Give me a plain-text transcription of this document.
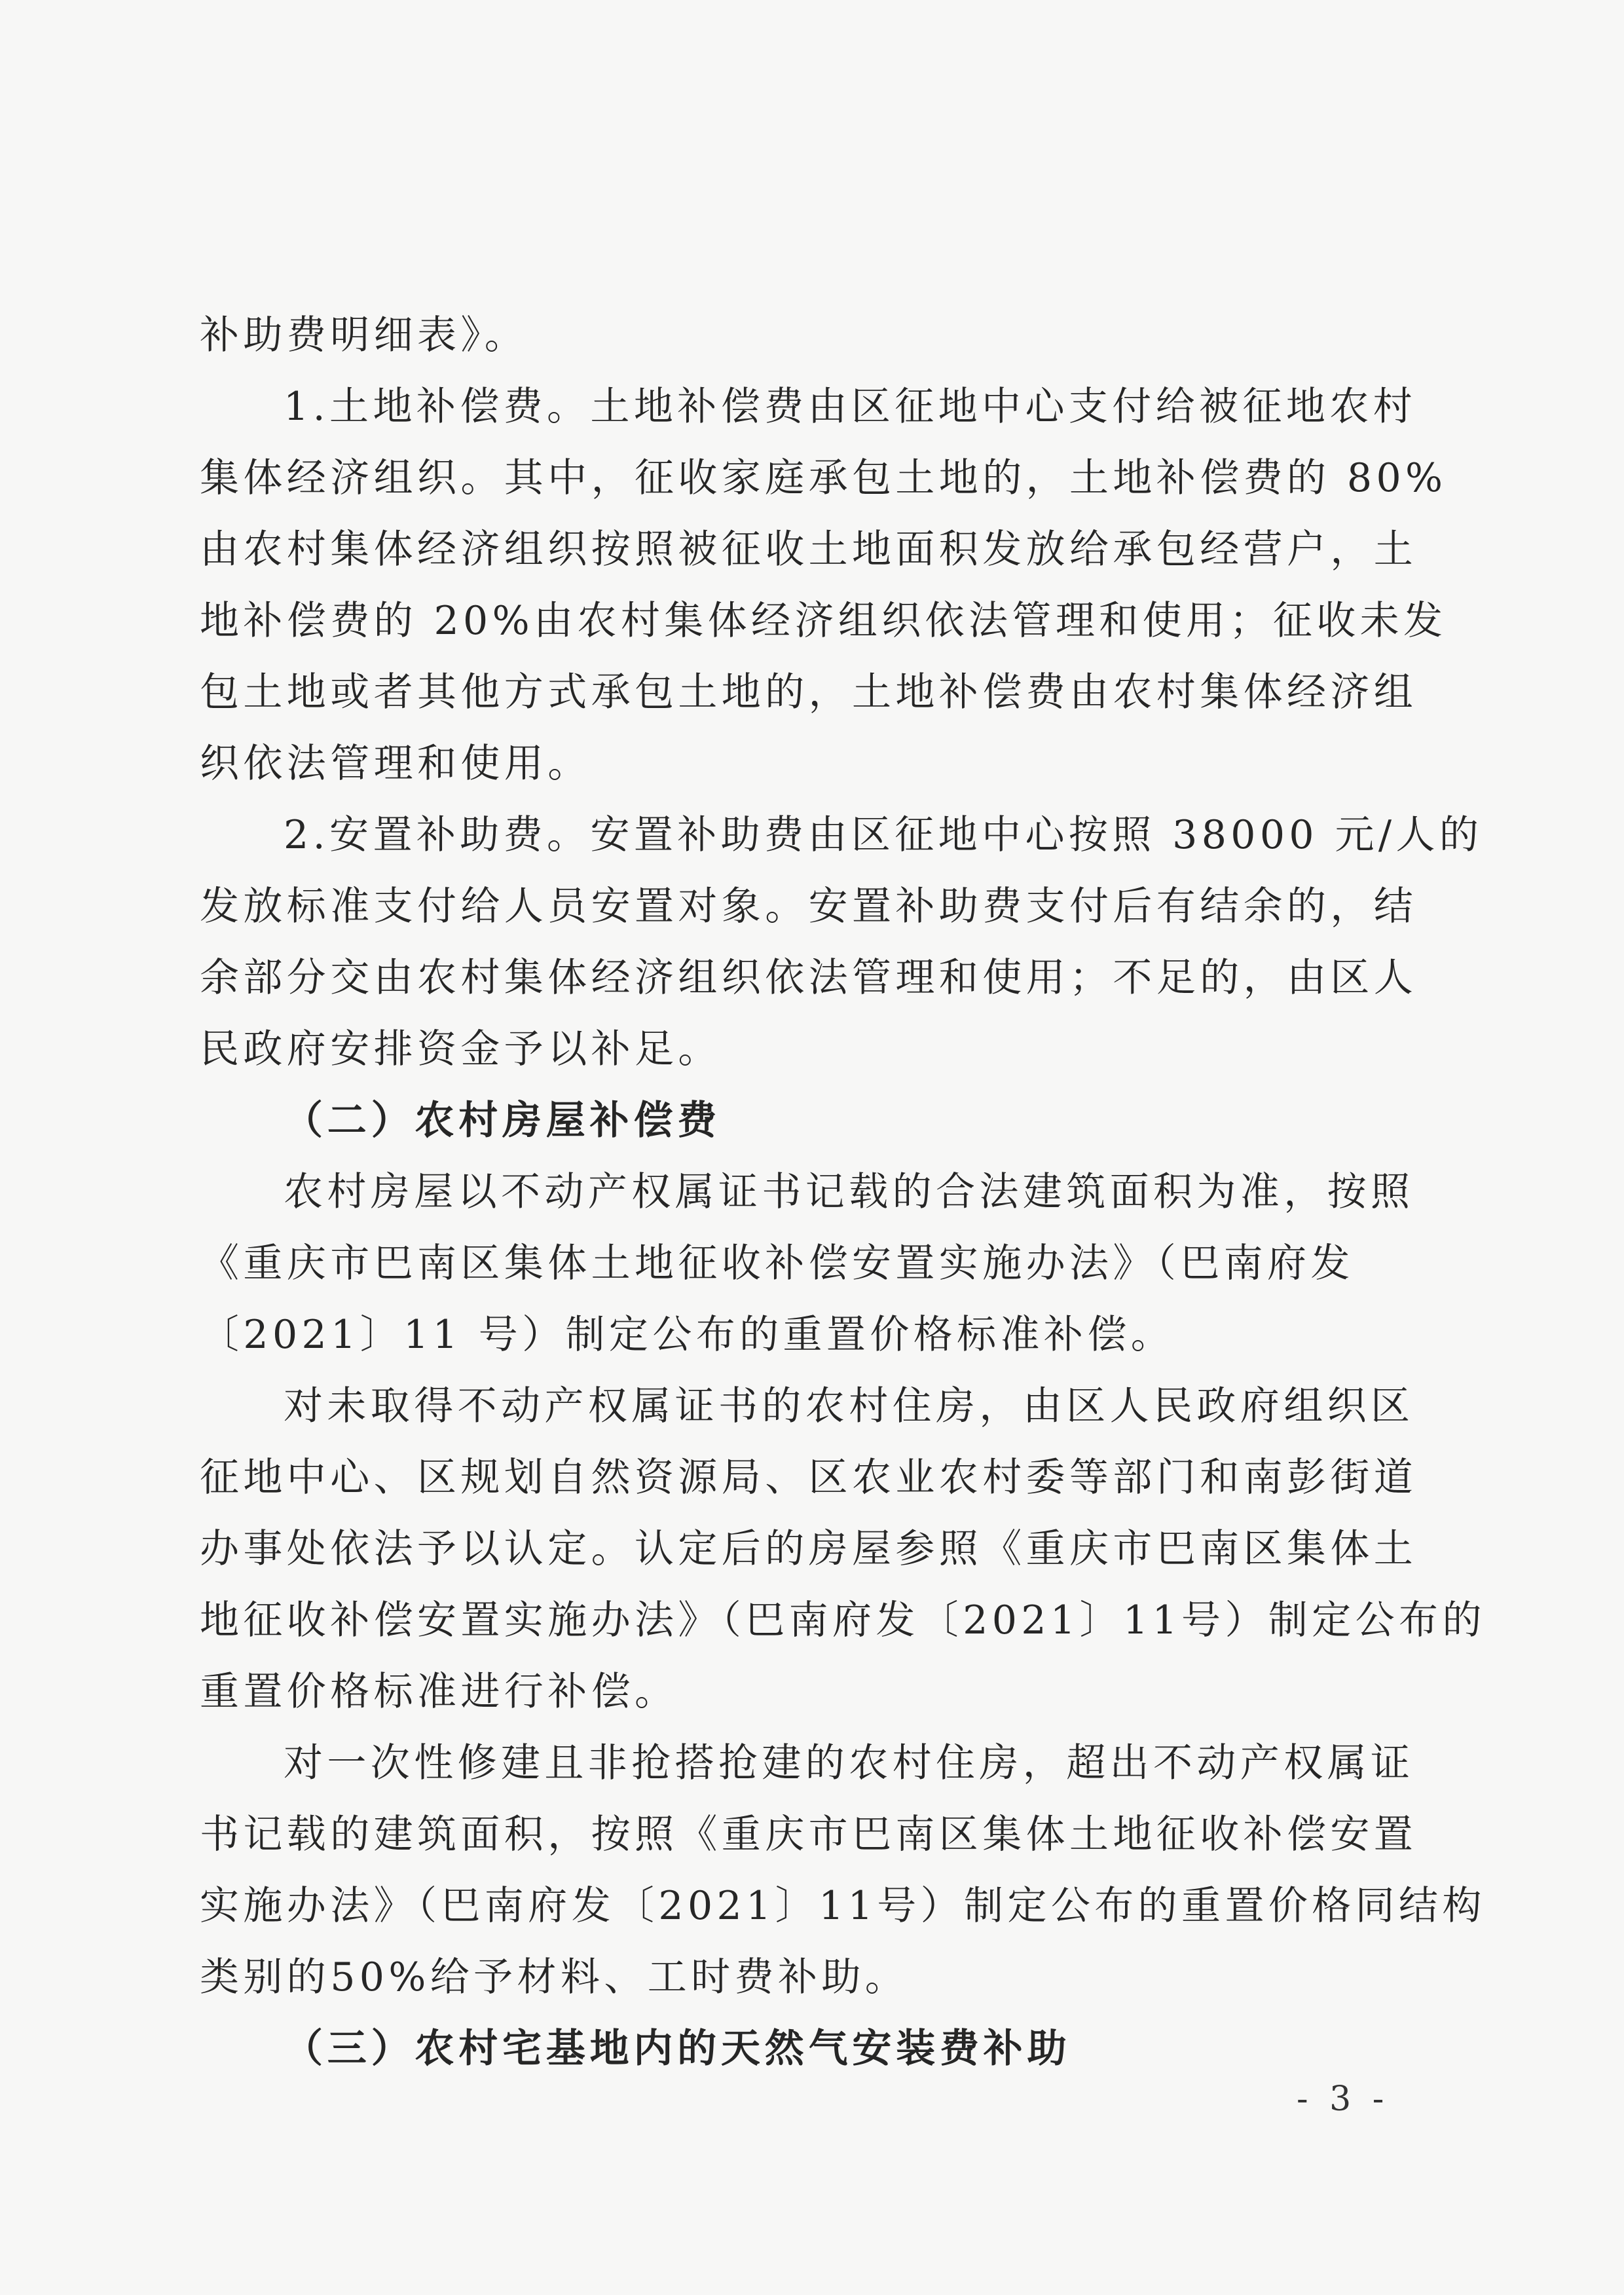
补助费明细表》。
1.土地补偿费。土地补偿费由区征地中心支付给被征地农村
集体经济组织。其中，征收家庭承包土地的，土地补偿费的 80%
由农村集体经济组织按照被征收土地面积发放给承包经营户，土
地补偿费的 20%由农村集体经济组织依法管理和使用；征收未发
包土地或者其他方式承包土地的，土地补偿费由农村集体经济组
织依法管理和使用。
2.安置补助费。安置补助费由区征地中心按照 38000 元/人的
发放标准支付给人员安置对象。安置补助费支付后有结余的，结
余部分交由农村集体经济组织依法管理和使用；不足的，由区人
民政府安排资金予以补足。
（二）农村房屋补偿费
农村房屋以不动产权属证书记载的合法建筑面积为准，按照
《重庆市巴南区集体土地征收补偿安置实施办法》（巴南府发
〔2021〕11 号）制定公布的重置价格标准补偿。
对未取得不动产权属证书的农村住房，由区人民政府组织区
征地中心、区规划自然资源局、区农业农村委等部门和南彭街道
办事处依法予以认定。认定后的房屋参照《重庆市巴南区集体土
地征收补偿安置实施办法》（巴南府发〔2021〕11号）制定公布的
重置价格标准进行补偿。
对一次性修建且非抢搭抢建的农村住房，超出不动产权属证
书记载的建筑面积，按照《重庆市巴南区集体土地征收补偿安置
实施办法》（巴南府发〔2021〕11号）制定公布的重置价格同结构
类别的50%给予材料、工时费补助。
（三）农村宅基地内的天然气安装费补助
- 3 -
